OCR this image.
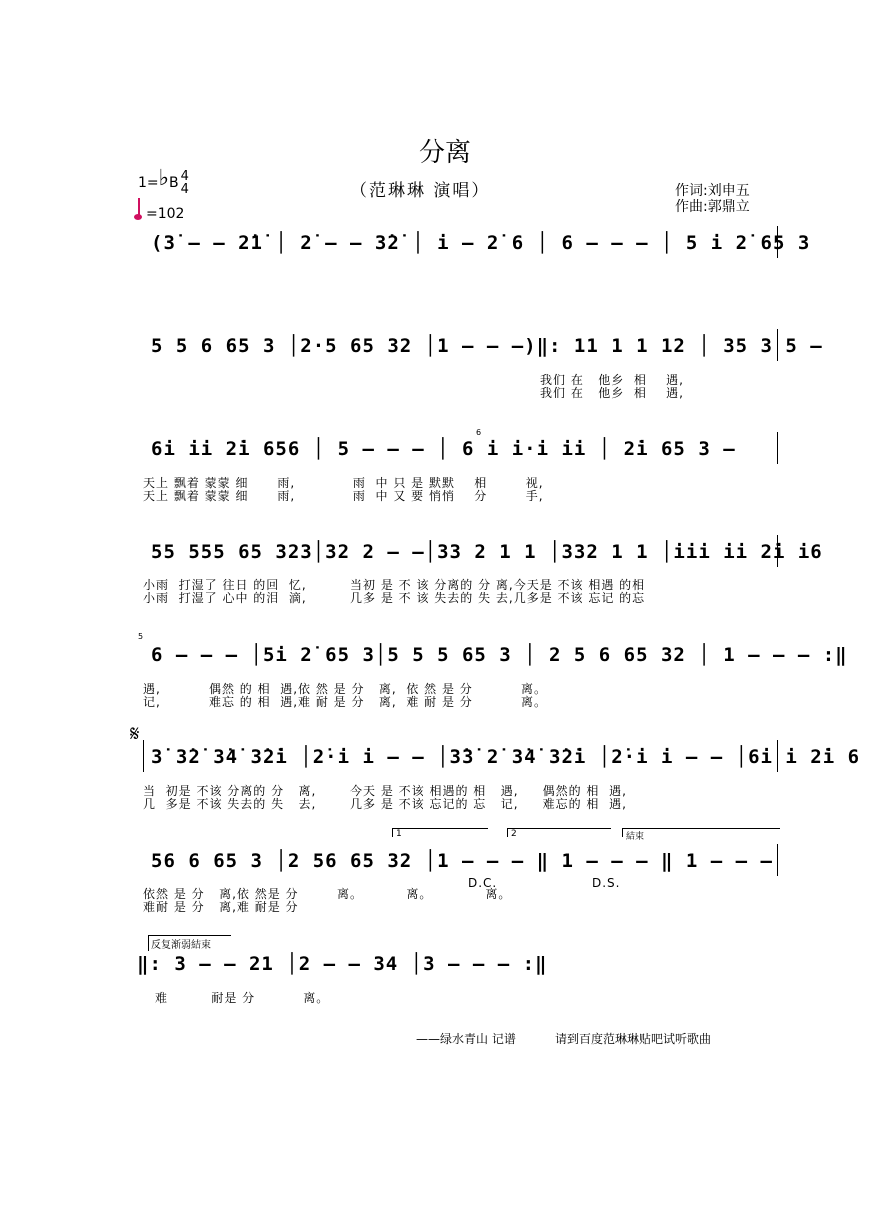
分离
（范琳琳 演唱）
1=♭B 4
4
=102
作词:刘申五
作曲:郭鼎立
(3̇ — — 2̇1̇ │ 2̇ — — 3̇2̇ │ i — 2̇ 6 │ 6 — — — │ 5 i 2̇ 65 3
5 5 6 65 3 │2·5 65 32 │1 — — —)‖: 11 1 1 12 │ 35 3 5 —
我们 在   他乡  相    遇,
我们 在   他乡  相    遇,
6i ii 2̇i 656 │ 5 — — — │ 6 i i·i ii │ 2̇i 65 3 —
6
天上 飘着 蒙蒙 细      雨,            雨  中 只 是 默默    相        视,
天上 飘着 蒙蒙 细      雨,            雨  中 又 要 悄悄    分        手,
55 555 65 323│32 2 — —│33 2 1 1 │332 1 1 │iii ii 2̇i i6
小雨  打湿了 往日 的回  忆,         当初 是 不 该 分离的 分 离,今天是 不该 相遇 的相
小雨  打湿了 心中 的泪  滴,         几多 是 不 该 失去的 失 去,几多是 不该 忘记 的忘
5
6 — — — │5i 2̇ 65 3│5 5 5 65 3 │ 2 5 6 65 32 │ 1 — — — :‖
遇,          偶然 的 相  遇,依 然 是 分   离,  依 然 是 分          离。
记,          难忘 的 相  遇,难 耐 是 分   离,  难 耐 是 分          离。
𝄋
3̇ 3̇2̇ 3̇4̇ 3̇2̇i │2̇·i i — — │3̇3̇ 2̇ 3̇4̇ 3̇2̇i │2̇·i i — — │6i i 2̇i 6
当  初是 不该 分离的 分   离,       今天 是 不该 相遇的 相   遇,     偶然的 相  遇,
几  多是 不该 失去的 失   去,       几多 是 不该 忘记的 忘   记,     难忘的 相  遇,
1	2	結束
56 6 65 3 │2 56 65 32 │1 — — — ‖ 1 — — — ‖ 1 — — —
D.C.	D.S.
依然 是 分   离,依 然是 分        离。         离。           离。
难耐 是 分   离,难 耐是 分
反复渐弱結束
‖: 3 — — 21 │2 — — 34 │3 — — — :‖
难         耐是 分          离。
——绿水青山 记谱	请到百度范琳琳贴吧试听歌曲
